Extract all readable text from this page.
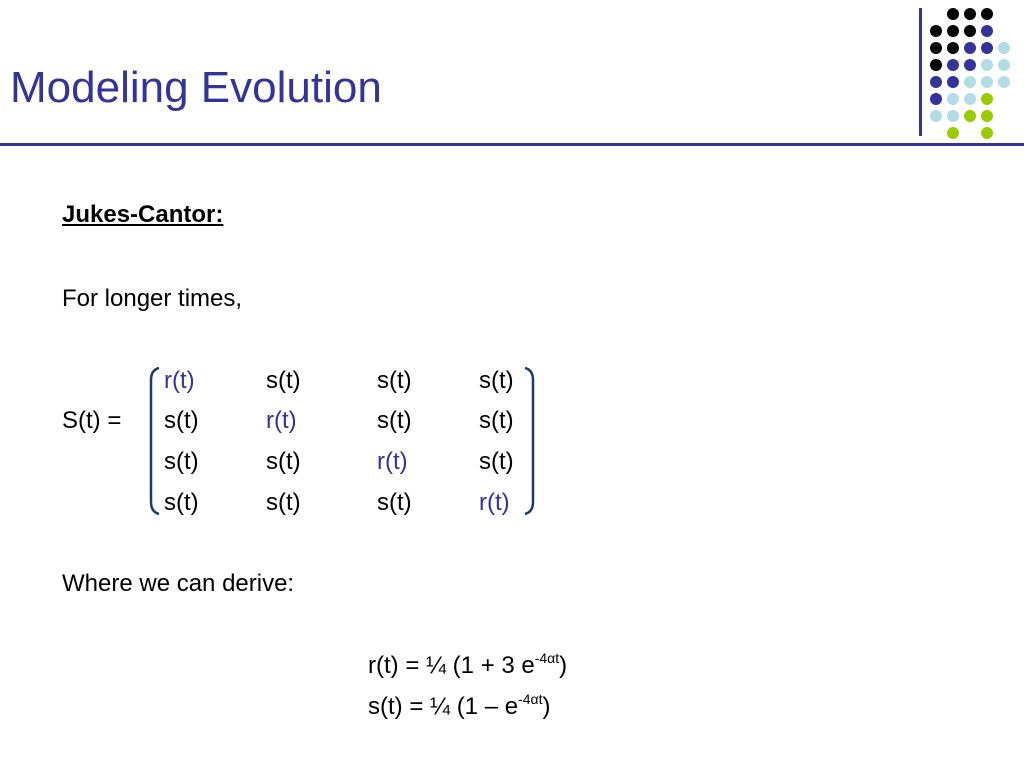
Modeling Evolution
Jukes-Cantor:
For longer times,
S(t) =
r(t)	s(t)	s(t)	s(t)
s(t)	r(t)	s(t)	s(t)
s(t)	s(t)	r(t)	s(t)
s(t)	s(t)	s(t)	r(t)
Where we can derive:
r(t) = ¼ (1 + 3 $e^{-4\alpha t}$)
s(t) = ¼ $(1 - e^{-4\alpha t})$
